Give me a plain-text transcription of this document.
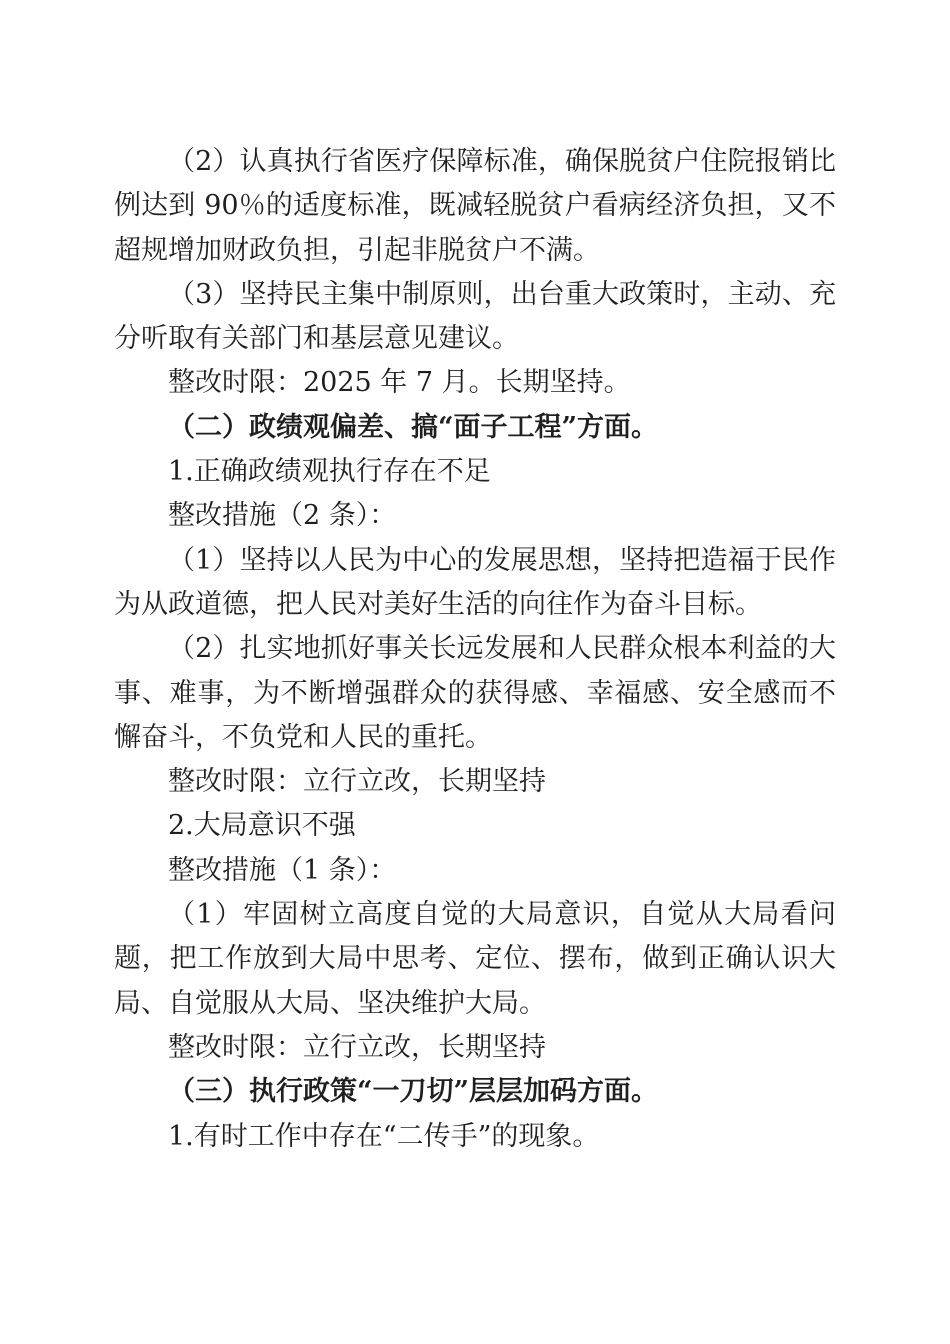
（2）认真执行省医疗保障标准，确保脱贫户住院报销比例达到 90％的适度标准，既减轻脱贫户看病经济负担，又不超规增加财政负担，引起非脱贫户不满。

（3）坚持民主集中制原则，出台重大政策时，主动、充分听取有关部门和基层意见建议。

整改时限：2025 年 7 月。长期坚持。

（二）政绩观偏差、搞“面子工程”方面。

1.正确政绩观执行存在不足

整改措施（2 条）：

（1）坚持以人民为中心的发展思想，坚持把造福于民作为从政道德，把人民对美好生活的向往作为奋斗目标。

（2）扎实地抓好事关长远发展和人民群众根本利益的大事、难事，为不断增强群众的获得感、幸福感、安全感而不懈奋斗，不负党和人民的重托。

整改时限：立行立改，长期坚持

2.大局意识不强

整改措施（1 条）：

（1）牢固树立高度自觉的大局意识，自觉从大局看问题，把工作放到大局中思考、定位、摆布，做到正确认识大局、自觉服从大局、坚决维护大局。

整改时限：立行立改，长期坚持

（三）执行政策“一刀切”层层加码方面。

1.有时工作中存在“二传手”的现象。
